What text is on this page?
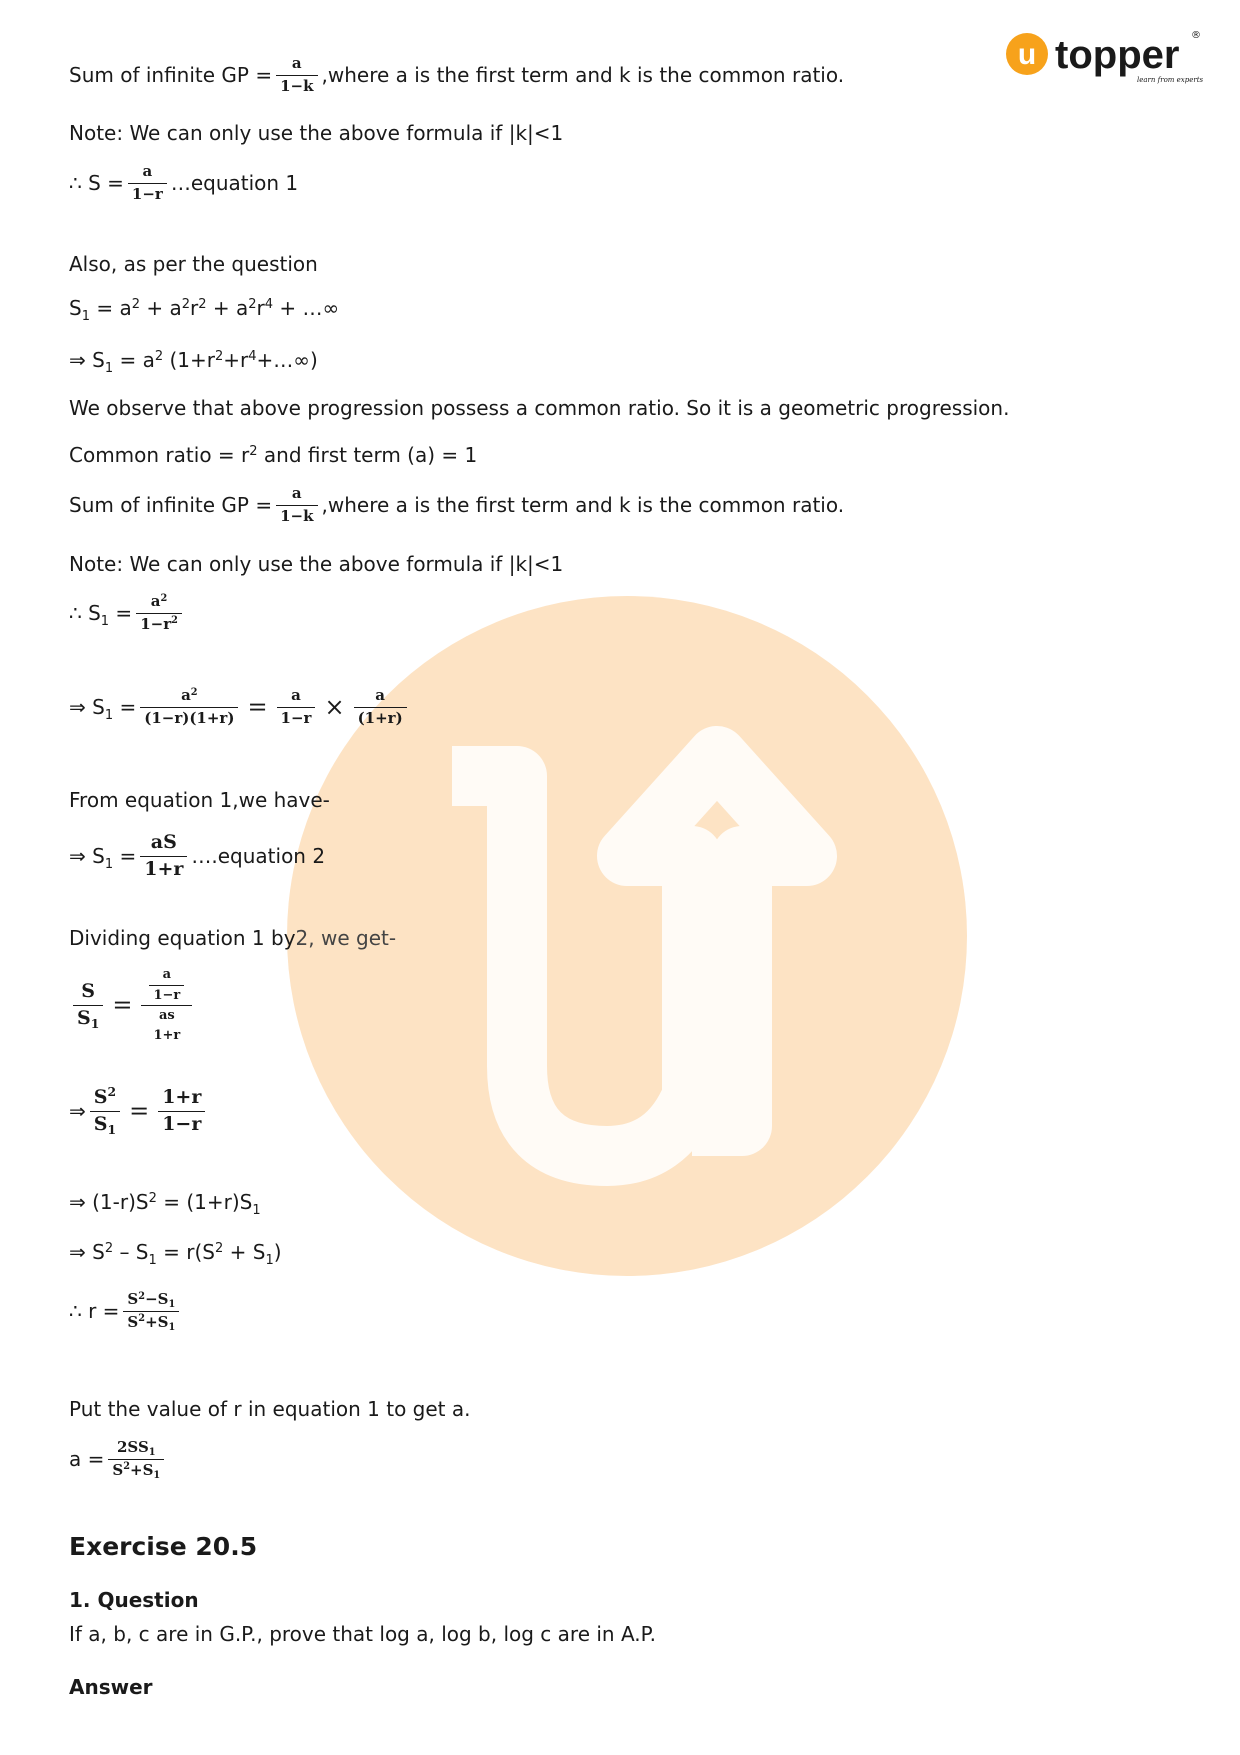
u topper ®
learn from experts
Sum of infinite GP = $\frac{a}{1-k}$ ,where a is the first term and k is the common ratio.
Note: We can only use the above formula if |k|<1
∴ $S = \frac{a}{1-r}$ …equation 1
Also, as per the question
$S_1 = a^2 + a^2r^2 + a^2r^4$ + …∞
⇒ $S_1 = a^2$ $(1+r^2+r^4+\dots\infty)$
We observe that above progression possess a common ratio. So it is a geometric progression.
Common ratio = $r^2$ and first term (a) = 1
Sum of infinite GP = $\frac{a}{1-k}$ ,where a is the first term and k is the common ratio.
Note: We can only use the above formula if |k|<1
∴ $S_1 = \frac{a^2}{1-r^2}$
⇒ $S_1 = \frac{a^2}{(1-r)(1+r)} = \frac{a}{1-r} \times \frac{a}{(1+r)}$
From equation 1,we have-
⇒ $S_1 = \frac{aS}{1+r}$ ….equation 2
Dividing equation 1 by 2, we get-
$\frac{S}{S_1} = \frac{a}{1-r}$
as
1+r
⇒ $\frac{S^2}{S_1} = \frac{1+r}{1-r}$
⇒ $(1-r)S^2 = (1+r)S_1$
⇒ $S^2 - S_1 = r(S^2 + S_1)$
∴ $r = \frac{S^2-S_1}{S^2+S_1}$
Put the value of r in equation 1 to get a.
$a = \frac{2SS_1}{S^2+S_1}$
Exercise 20.5
1. Question
If a, b, c are in G.P., prove that log a, log b, log c are in A.P.
Answer
